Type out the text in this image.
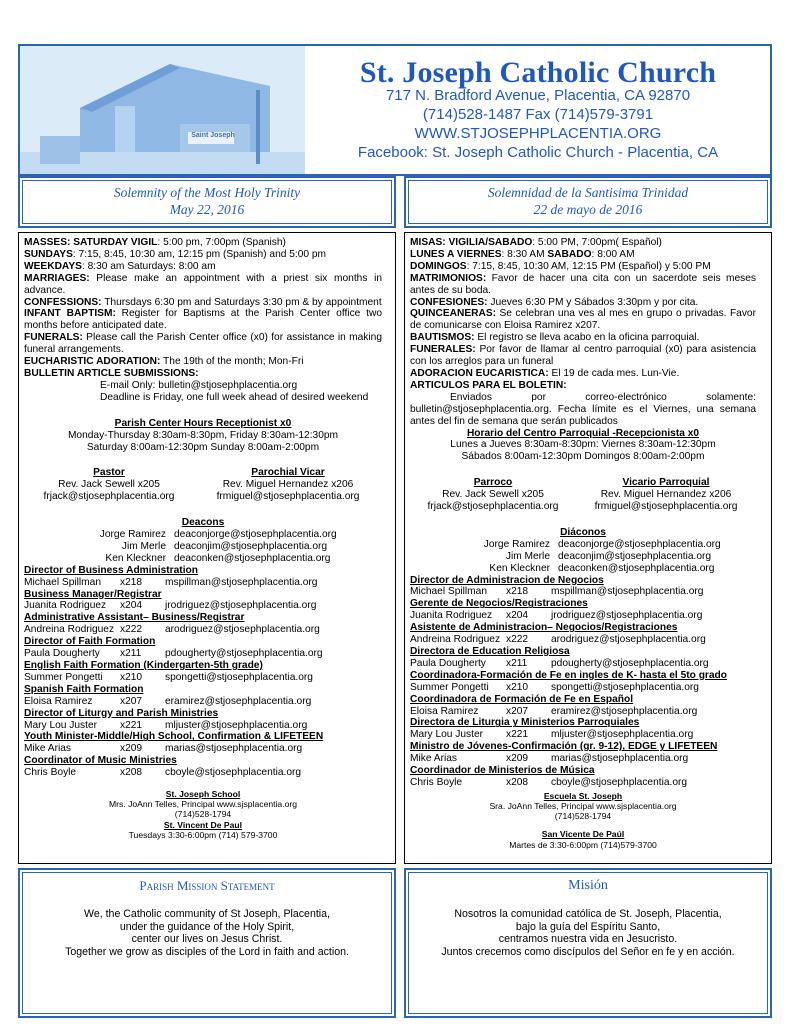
Saint Joseph
St. Joseph Catholic Church
717 N. Bradford Avenue, Placentia, CA 92870
(714)528-1487 Fax (714)579-3791
WWW.STJOSEPHPLACENTIA.ORG
Facebook: St. Joseph Catholic Church - Placentia, CA
Solemnity of the Most Holy Trinity
May 22, 2016
Solemnidad de la Santisima Trinidad
22 de mayo de 2016

MASSES: SATURDAY VIGIL: 5:00 pm, 7:00pm (Spanish)

SUNDAYS: 7:15, 8:45, 10:30 am, 12:15 pm (Spanish) and 5:00 pm

WEEKDAYS: 8:30 am Saturdays: 8:00 am

MARRIAGES: Please make an appointment with a priest six months in advance.

CONFESSIONS: Thursdays 6:30 pm and Saturdays 3:30 pm & by appointment

INFANT BAPTISM: Register for Baptisms at the Parish Center office two months before anticipated date.

FUNERALS: Please call the Parish Center office (x0) for assistance in making funeral arrangements.

EUCHARISTIC ADORATION: The 19th of the month; Mon-Fri

BULLETIN ARTICLE SUBMISSIONS:

E-mail Only: bulletin@stjosephplacentia.org

Deadline is Friday, one full week ahead of desired weekend

Parish Center Hours Receptionist x0

Monday-Thursday 8:30am-8:30pm, Friday 8:30am-12:30pm

Saturday 8:00am-12:30pm Sunday 8:00am-2:00pm

Pastor

Rev. Jack Sewell x205

frjack@stjosephplacentia.org

Parochial Vicar

Rev. Miguel Hernandez x206

frmiguel@stjosephplacentia.org

Deacons

Jorge Ramirez deaconjorge@stjosephplacentia.org
Jim Merle deaconjim@stjosephplacentia.org
Ken Kleckner deaconken@stjosephplacentia.org

Director of Business Administration

Michael Spillman	x218	mspillman@stjosephplacentia.org

Business Manager/Registrar

Juanita Rodriguez	x204	jrodriguez@stjosephplacentia.org

Administrative Assistant– Business/Registrar

Andreina Rodriguez x222	arodriguez@stjosephplacentia.org

Director of Faith Formation

Paula Dougherty	x211	pdougherty@stjosephplacentia.org

English Faith Formation (Kindergarten-5th grade)

Summer Pongetti	x210	spongetti@stjosephplacentia.org

Spanish Faith Formation

Eloisa Ramirez	x207	eramirez@stjosephplacentia.org

Director of Liturgy and Parish Ministries

Mary Lou Juster	x221	mljuster@stjosephplacentia.org

Youth Minister-Middle/High School, Confirmation & LIFETEEN

Mike Arias	x209	marias@stjosephplacentia.org

Coordinator of Music Ministries

Chris Boyle	x208	cboyle@stjosephplacentia.org

St. Joseph School

Mrs. JoAnn Telles, Principal www.sjsplacentia.org

(714)528-1794

St. Vincent De Paul

Tuesdays 3:30-6:00pm (714) 579-3700

MISAS: VIGILIA/SABADO: 5:00 PM, 7:00pm( Español)

LUNES A VIERNES: 8:30 AM SABADO: 8:00 AM

DOMINGOS: 7:15, 8:45, 10:30 AM, 12:15 PM (Español) y 5:00 PM

MATRIMONIOS: Favor de hacer una cita con un sacerdote seis meses antes de su boda.

CONFESIONES: Jueves 6:30 PM y Sábados 3:30pm y por cita.

QUINCEANERAS: Se celebran una ves al mes en grupo o privadas. Favor de comunicarse con Eloisa Ramirez x207.

BAUTISMOS: El registro se lleva acabo en la oficina parroquial.

FUNERALES: Por favor de llamar al centro parroquial (x0) para asistencia con los arreglos para un funeral

ADORACION EUCARISTICA: El 19 de cada mes. Lun-Vie.

ARTICULOS PARA EL BOLETIN:

Enviados por correo-electrónico solamente: bulletin@stjosephplacentia.org. Fecha límite es el Viernes, una semana antes del fin de semana que serán publicados

Horario del Centro Parroquial -Recepcionista x0

Lunes a Jueves 8:30am-8:30pm: Viernes 8:30am-12:30pm

Sábados 8:00am-12:30pm Domingos 8:00am-2:00pm

Parroco

Rev. Jack Sewell x205

frjack@stjosephplacentia.org

Vicario Parroquial

Rev. Miguel Hernandez x206

frmiguel@stjosephplacentia.org

Diáconos

Jorge Ramirez deaconjorge@stjosephplacentia.org
Jim Merle deaconjim@stjosephplacentia.org
Ken Kleckner deaconken@stjosephplacentia.org

Director de Administracion de Negocios

Michael Spillman	x218	mspillman@stjosephplacentia.org

Gerente de Negocios/Registraciones

Juanita Rodriguez	x204	jrodriguez@stjosephplacentia.org

Asistente de Administracion– Negocios/Registraciones

Andreina Rodriguez x222	arodriguez@stjosephplacentia.org

Directora de Education Religiosa

Paula Dougherty	x211	pdougherty@stjosephplacentia.org

Coordinadora-Formación de Fe en ingles de K- hasta el 5to grado

Summer Pongetti	x210	spongetti@stjosephplacentia.org

Coordinadora de Formación de Fe en Español

Eloisa Ramirez	x207	eramirez@stjosephplacentia.org

Directora de Liturgia y Ministerios Parroquiales

Mary Lou Juster	x221	mljuster@stjosephplacentia.org

Ministro de Jóvenes-Confirmación (gr. 9-12), EDGE y LIFETEEN

Mike Arias	x209	marias@stjosephplacentia.org

Coordinador de Ministerios de Música

Chris Boyle	x208	cboyle@stjosephplacentia.org

Escuela St. Joseph

Sra. JoAnn Telles, Principal www.sjsplacentia.org

(714)528-1794

San Vicente De Paúl

Martes de 3:30-6:00pm (714)579-3700

Parish Mission Statement
We, the Catholic community of St Joseph, Placentia,
under the guidance of the Holy Spirit,
center our lives on Jesus Christ.
Together we grow as disciples of the Lord in faith and action.
Misión
Nosotros la comunidad católica de St. Joseph, Placentia,
bajo la guía del Espíritu Santo,
centramos nuestra vida en Jesucristo.
Juntos crecemos como discípulos del Señor en fe y en acción.
